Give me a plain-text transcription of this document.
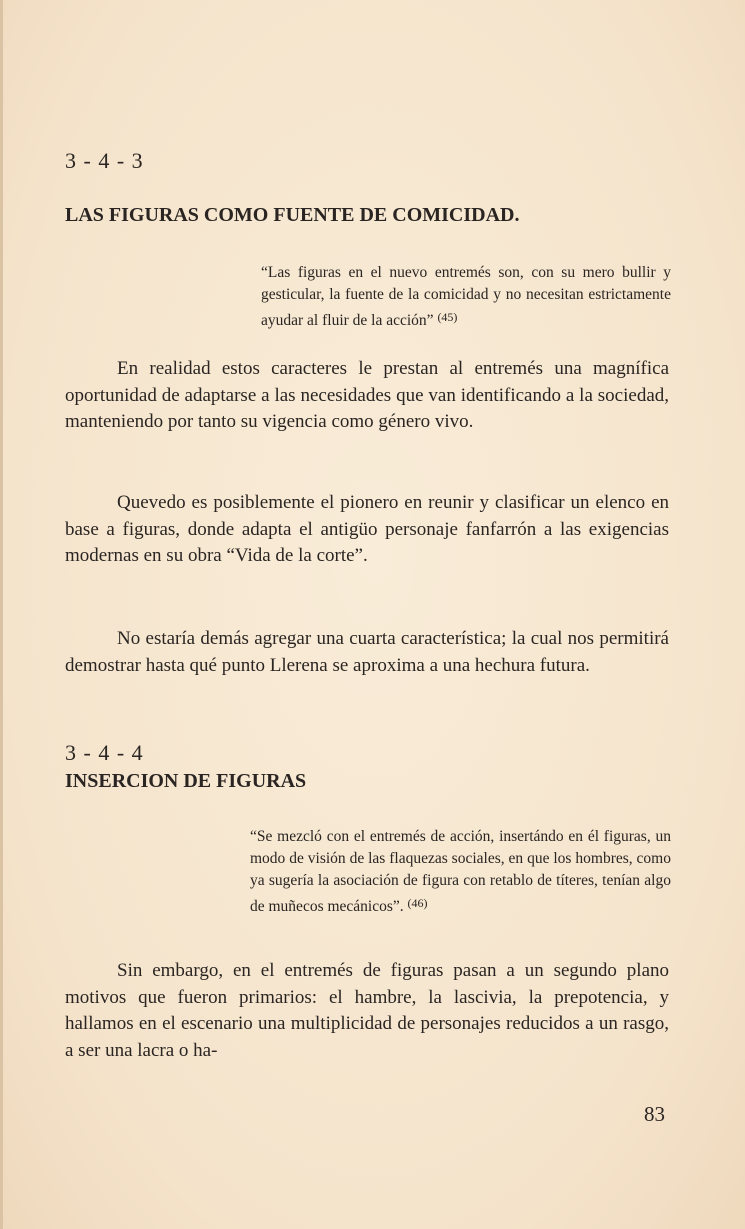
3 - 4 - 3
LAS FIGURAS COMO FUENTE DE COMICIDAD.

“Las figuras en el nuevo entremés son, con su mero bullir y gesticular, la fuente de la comicidad y no necesitan estrictamente ayudar al fluir de la acción” $^{(45)}$

En realidad estos caracteres le prestan al entremés una magnífica oportunidad de adaptarse a las necesidades que van identificando a la sociedad, manteniendo por tanto su vigencia como género vivo.

Quevedo es posiblemente el pionero en reunir y clasificar un elenco en base a figuras, donde adapta el antigüo personaje fanfarrón a las exigencias modernas en su obra “Vida de la corte”.

No estaría demás agregar una cuarta característica; la cual nos permitirá demostrar hasta qué punto Llerena se aproxima a una hechura futura.

3 - 4 - 4
INSERCION DE FIGURAS

“Se mezcló con el entremés de acción, insertándo en él figuras, un modo de visión de las flaquezas sociales, en que los hombres, como ya sugería la asociación de figura con retablo de títeres, tenían algo de muñecos mecánicos”. $^{(46)}$

Sin embargo, en el entremés de figuras pasan a un segundo plano motivos que fueron primarios: el hambre, la lascivia, la prepotencia, y hallamos en el escenario una multiplicidad de personajes reducidos a un rasgo, a ser una lacra o ha-

83
